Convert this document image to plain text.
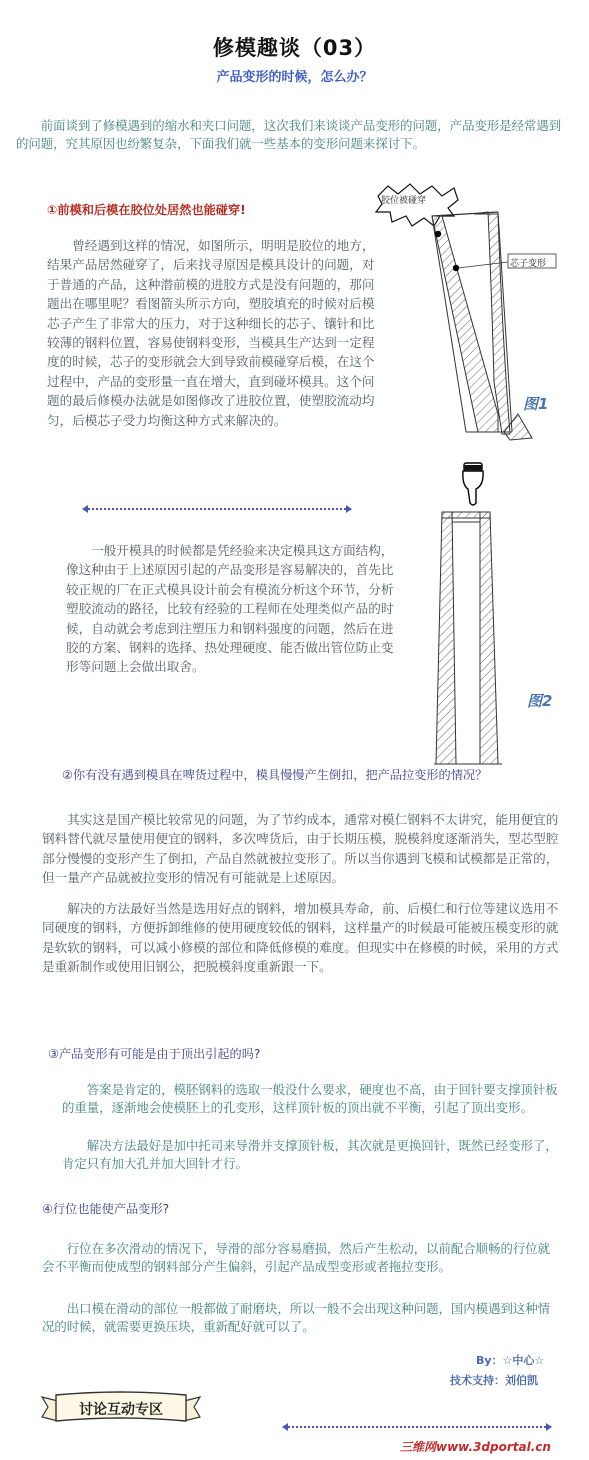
修模趣谈（03）
产品变形的时候，怎么办？
前面谈到了修模遇到的缩水和夹口问题，这次我们来谈谈产品变形的问题，产品变形是经常遇到的问题，究其原因也纷繁复杂，下面我们就一些基本的变形问题来探讨下。
①前模和后模在胶位处居然也能碰穿!
曾经遇到这样的情况，如图所示，明明是胶位的地方，结果产品居然碰穿了，后来找寻原因是模具设计的问题，对于普通的产品，这种潜前模的进胶方式是没有问题的，那问题出在哪里呢？看图箭头所示方向，塑胶填充的时候对后模芯子产生了非常大的压力，对于这种细长的芯子、镶针和比较薄的钢料位置，容易使钢料变形，当模具生产达到一定程度的时候，芯子的变形就会大到导致前模碰穿后模，在这个过程中，产品的变形量一直在增大，直到碰坏模具。这个问题的最后修模办法就是如图修改了进胶位置，使塑胶流动均匀，后模芯子受力均衡这种方式来解决的。
一般开模具的时候都是凭经验来决定模具这方面结构，像这种由于上述原因引起的产品变形是容易解决的，首先比较正规的厂在正式模具设计前会有模流分析这个环节，分析塑胶流动的路径，比较有经验的工程师在处理类似产品的时候，自动就会考虑到注塑压力和钢料强度的问题，然后在进胶的方案、钢料的选择、热处理硬度、能否做出管位防止变形等问题上会做出取舍。
胶位被碰穿
芯子变形
图1
图2
②你有没有遇到模具在啤货过程中，模具慢慢产生倒扣，把产品拉变形的情况？
其实这是国产模比较常见的问题，为了节约成本，通常对模仁钢料不太讲究，能用便宜的钢料替代就尽量使用便宜的钢料，多次啤货后，由于长期压模，脱模斜度逐渐消失，型芯型腔部分慢慢的变形产生了倒扣，产品自然就被拉变形了。所以当你遇到飞模和试模都是正常的，但一量产产品就被拉变形的情况有可能就是上述原因。
解决的方法最好当然是选用好点的钢料，增加模具寿命，前、后模仁和行位等建议选用不同硬度的钢料，方便拆卸维修的使用硬度较低的钢料，这样量产的时候最可能被压模变形的就是软软的钢料，可以减小修模的部位和降低修模的难度。但现实中在修模的时候，采用的方式是重新制作或使用旧钢公，把脱模斜度重新跟一下。
③产品变形有可能是由于顶出引起的吗?
答案是肯定的，模胚钢料的选取一般没什么要求，硬度也不高，由于回针要支撑顶针板的重量，逐渐地会使模胚上的孔变形，这样顶针板的顶出就不平衡，引起了顶出变形。
解决方法最好是加中托司来导滑并支撑顶针板，其次就是更换回针，既然已经变形了，肯定只有加大孔并加大回针才行。
④行位也能使产品变形?
行位在多次滑动的情况下，导滑的部分容易磨损，然后产生松动，以前配合顺畅的行位就会不平衡而使成型的钢料部分产生偏斜，引起产品成型变形或者拖拉变形。
出口模在滑动的部位一般都做了耐磨块，所以一般不会出现这种问题，国内模遇到这种情况的时候，就需要更换压块，重新配好就可以了。
By：☆中心☆
技术支持：刘伯凯
讨论互动专区
三维网www.3dportal.cn
